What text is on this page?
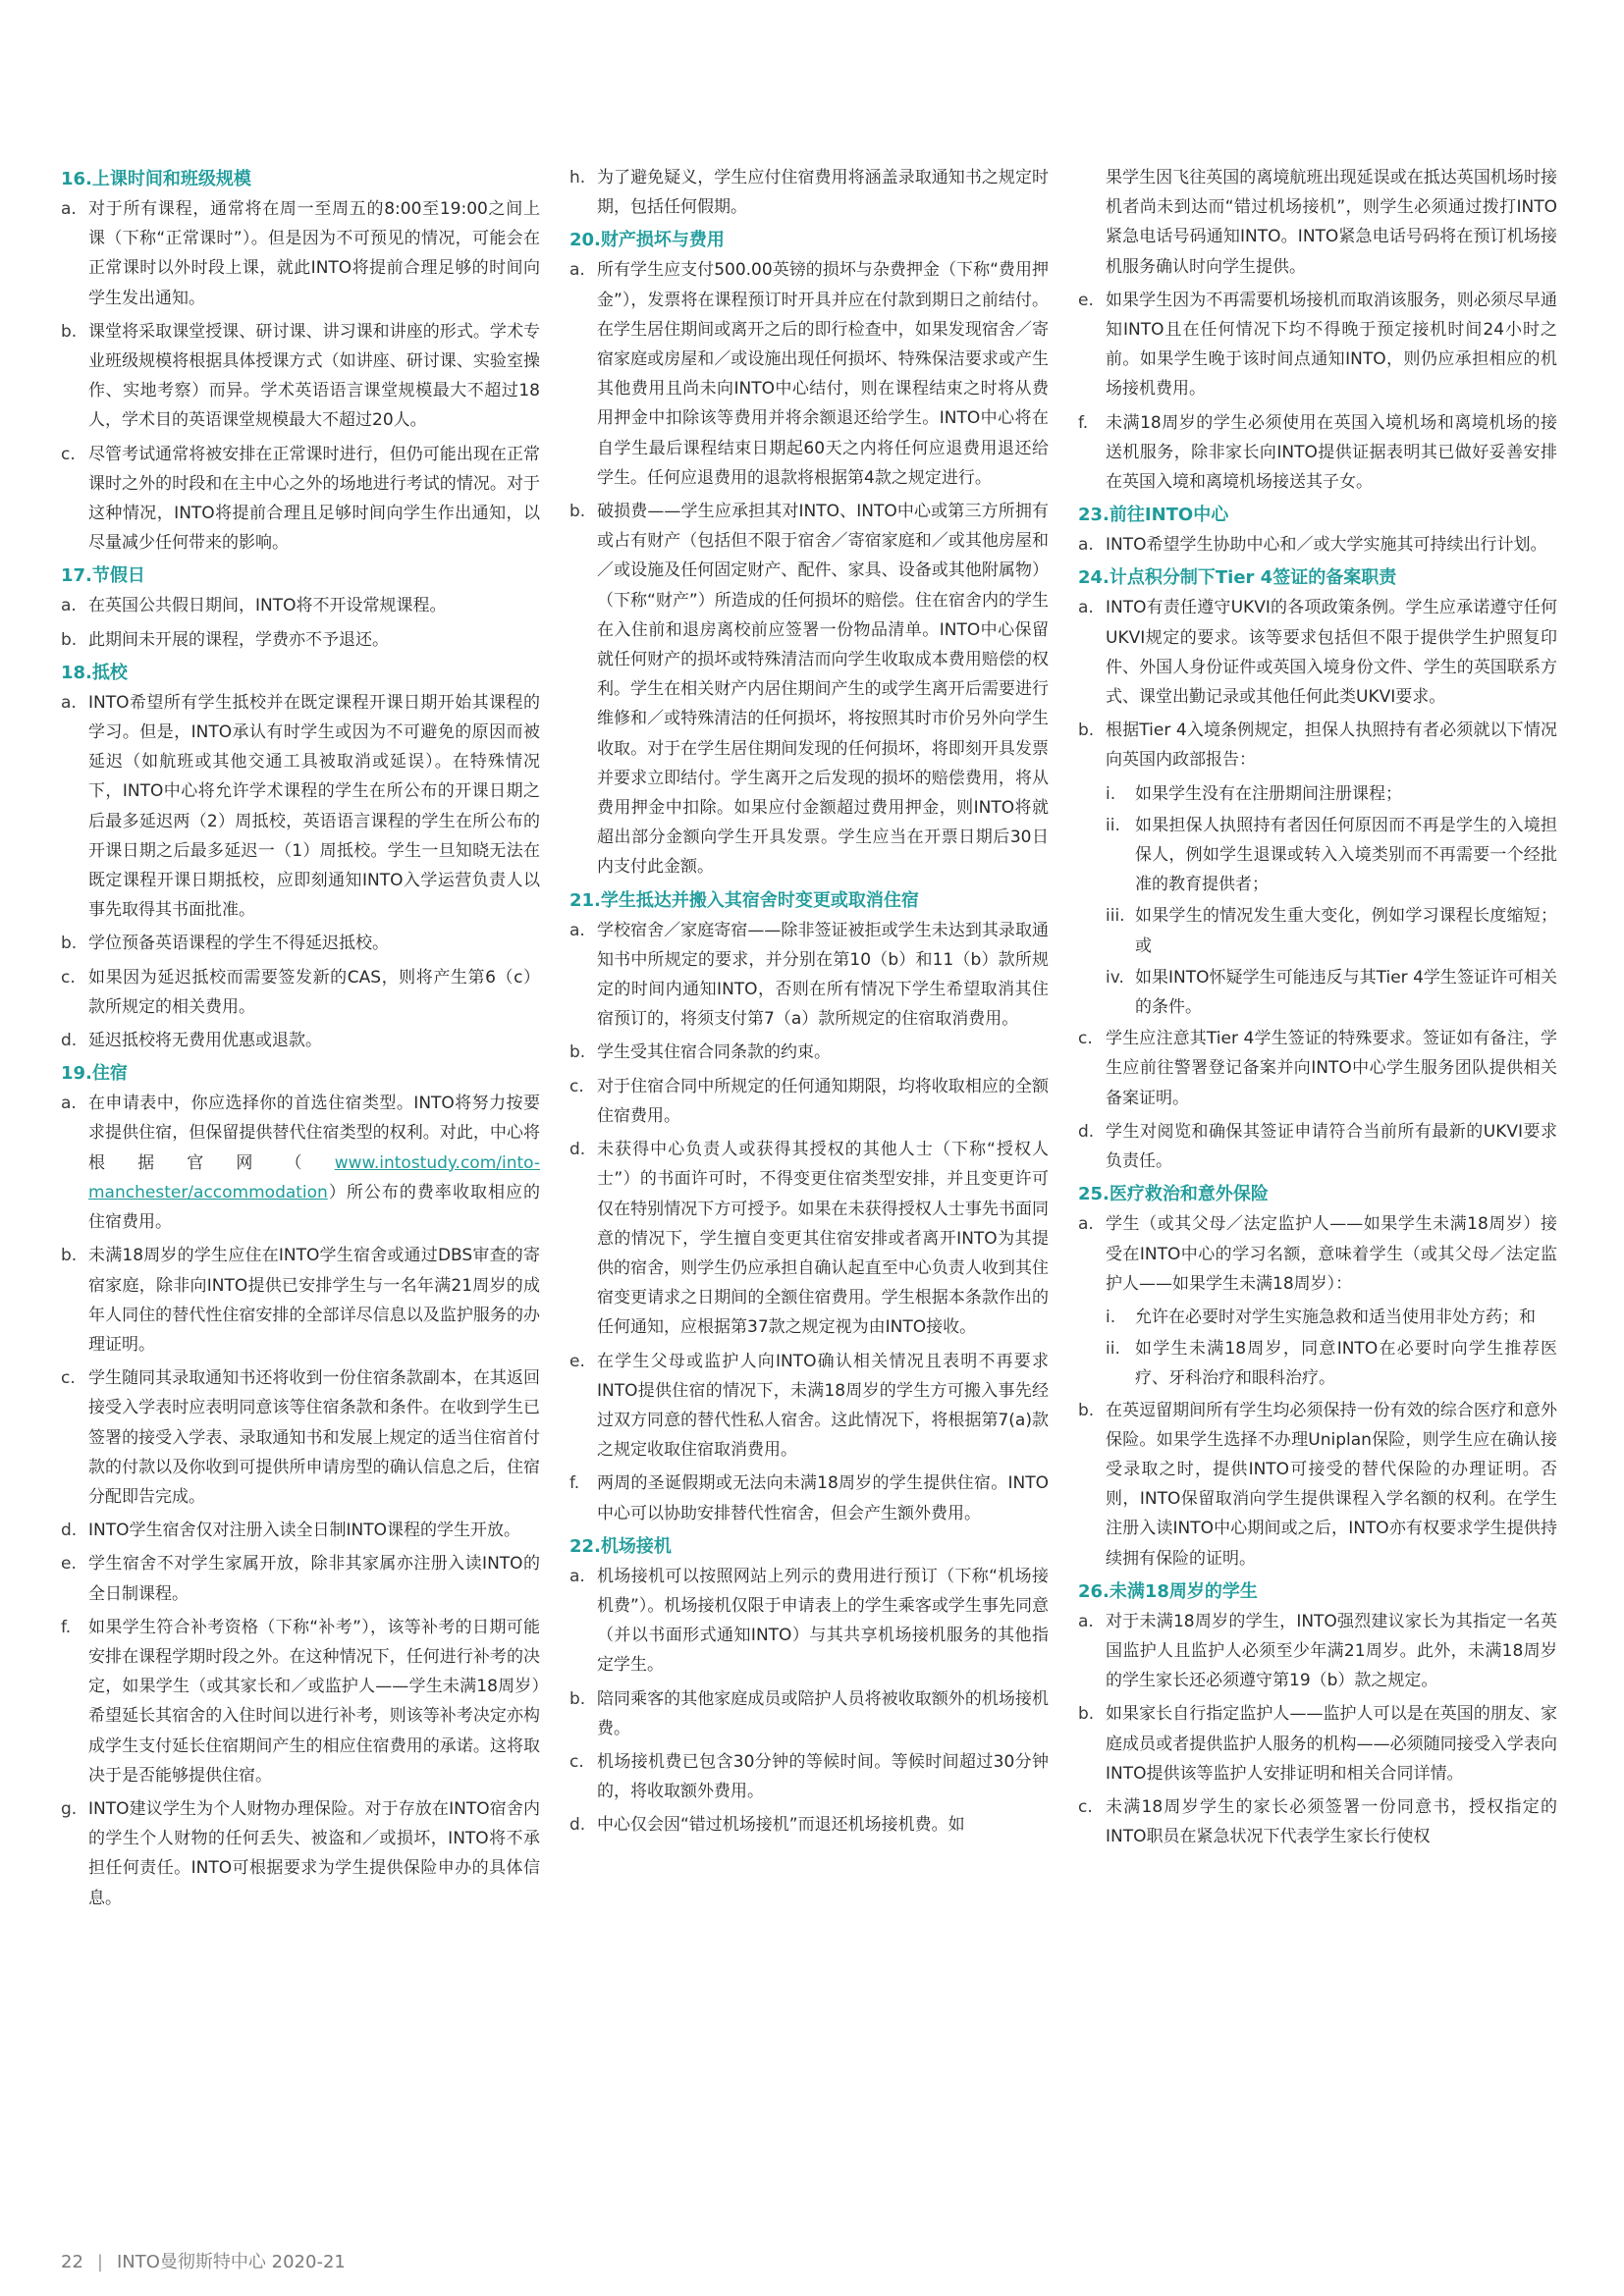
16.上课时间和班级规模
a. 对于所有课程，通常将在周一至周五的8:00至19:00之间上课（下称“正常课时”）。但是因为不可预见的情况，可能会在正常课时以外时段上课，就此INTO将提前合理足够的时间向学生发出通知。
b. 课堂将采取课堂授课、研讨课、讲习课和讲座的形式。学术专业班级规模将根据具体授课方式（如讲座、研讨课、实验室操作、实地考察）而异。学术英语语言课堂规模最大不超过18人，学术目的英语课堂规模最大不超过20人。
c. 尽管考试通常将被安排在正常课时进行，但仍可能出现在正常课时之外的时段和在主中心之外的场地进行考试的情况。对于这种情况，INTO将提前合理且足够时间向学生作出通知，以尽量减少任何带来的影响。
17.节假日
a. 在英国公共假日期间，INTO将不开设常规课程。
b. 此期间未开展的课程，学费亦不予退还。
18.抵校
a. INTO希望所有学生抵校并在既定课程开课日期开始其课程的学习。但是，INTO承认有时学生或因为不可避免的原因而被延迟（如航班或其他交通工具被取消或延误）。在特殊情况下，INTO中心将允许学术课程的学生在所公布的开课日期之后最多延迟两（2）周抵校，英语语言课程的学生在所公布的开课日期之后最多延迟一（1）周抵校。学生一旦知晓无法在既定课程开课日期抵校，应即刻通知INTO入学运营负责人以事先取得其书面批准。
b. 学位预备英语课程的学生不得延迟抵校。
c. 如果因为延迟抵校而需要签发新的CAS，则将产生第6（c）款所规定的相关费用。
d. 延迟抵校将无费用优惠或退款。
19.住宿
a. 在申请表中，你应选择你的首选住宿类型。INTO将努力按要求提供住宿，但保留提供替代住宿类型的权利。对此，中心将根据官网（www.intostudy.com/into-manchester/accommodation）所公布的费率收取相应的住宿费用。
b. 未满18周岁的学生应住在INTO学生宿舍或通过DBS审查的寄宿家庭，除非向INTO提供已安排学生与一名年满21周岁的成年人同住的替代性住宿安排的全部详尽信息以及监护服务的办理证明。
c. 学生随同其录取通知书还将收到一份住宿条款副本，在其返回接受入学表时应表明同意该等住宿条款和条件。在收到学生已签署的接受入学表、录取通知书和发展上规定的适当住宿首付款的付款以及你收到可提供所申请房型的确认信息之后，住宿分配即告完成。
d. INTO学生宿舍仅对注册入读全日制INTO课程的学生开放。
e. 学生宿舍不对学生家属开放，除非其家属亦注册入读INTO的全日制课程。
f.	如果学生符合补考资格（下称“补考”），该等补考的日期可能安排在课程学期时段之外。在这种情况下，任何进行补考的决定，如果学生（或其家长和／或监护人——学生未满18周岁）希望延长其宿舍的入住时间以进行补考，则该等补考决定亦构成学生支付延长住宿期间产生的相应住宿费用的承诺。这将取决于是否能够提供住宿。
g. INTO建议学生为个人财物办理保险。对于存放在INTO宿舍内的学生个人财物的任何丢失、被盗和／或损坏，INTO将不承担任何责任。INTO可根据要求为学生提供保险申办的具体信息。
h. 为了避免疑义，学生应付住宿费用将涵盖录取通知书之规定时期，包括任何假期。
20.财产损坏与费用
a. 所有学生应支付500.00英镑的损坏与杂费押金（下称“费用押金”），发票将在课程预订时开具并应在付款到期日之前结付。在学生居住期间或离开之后的即行检查中，如果发现宿舍／寄宿家庭或房屋和／或设施出现任何损坏、特殊保洁要求或产生其他费用且尚未向INTO中心结付，则在课程结束之时将从费用押金中扣除该等费用并将余额退还给学生。INTO中心将在自学生最后课程结束日期起60天之内将任何应退费用退还给学生。任何应退费用的退款将根据第4款之规定进行。
b. 破损费——学生应承担其对INTO、INTO中心或第三方所拥有或占有财产（包括但不限于宿舍／寄宿家庭和／或其他房屋和／或设施及任何固定财产、配件、家具、设备或其他附属物）（下称“财产”）所造成的任何损坏的赔偿。住在宿舍内的学生在入住前和退房离校前应签署一份物品清单。INTO中心保留就任何财产的损坏或特殊清洁而向学生收取成本费用赔偿的权利。学生在相关财产内居住期间产生的或学生离开后需要进行维修和／或特殊清洁的任何损坏，将按照其时市价另外向学生收取。对于在学生居住期间发现的任何损坏，将即刻开具发票并要求立即结付。学生离开之后发现的损坏的赔偿费用，将从费用押金中扣除。如果应付金额超过费用押金，则INTO将就超出部分金额向学生开具发票。学生应当在开票日期后30日内支付此金额。
21.学生抵达并搬入其宿舍时变更或取消住宿
a. 学校宿舍／家庭寄宿——除非签证被拒或学生未达到其录取通知书中所规定的要求，并分别在第10（b）和11（b）款所规定的时间内通知INTO，否则在所有情况下学生希望取消其住宿预订的，将须支付第7（a）款所规定的住宿取消费用。
b. 学生受其住宿合同条款的约束。
c. 对于住宿合同中所规定的任何通知期限，均将收取相应的全额住宿费用。
d. 未获得中心负责人或获得其授权的其他人士（下称“授权人士”）的书面许可时，不得变更住宿类型安排，并且变更许可仅在特别情况下方可授予。如果在未获得授权人士事先书面同意的情况下，学生擅自变更其住宿安排或者离开INTO为其提供的宿舍，则学生仍应承担自确认起直至中心负责人收到其住宿变更请求之日期间的全额住宿费用。学生根据本条款作出的任何通知，应根据第37款之规定视为由INTO接收。
e. 在学生父母或监护人向INTO确认相关情况且表明不再要求INTO提供住宿的情况下，未满18周岁的学生方可搬入事先经过双方同意的替代性私人宿舍。这此情况下，将根据第7(a)款之规定收取住宿取消费用。
f.	两周的圣诞假期或无法向未满18周岁的学生提供住宿。INTO中心可以协助安排替代性宿舍，但会产生额外费用。
22.机场接机
a. 机场接机可以按照网站上列示的费用进行预订（下称“机场接机费”）。机场接机仅限于申请表上的学生乘客或学生事先同意（并以书面形式通知INTO）与其共享机场接机服务的其他指定学生。
b. 陪同乘客的其他家庭成员或陪护人员将被收取额外的机场接机费。
c. 机场接机费已包含30分钟的等候时间。等候时间超过30分钟的，将收取额外费用。
d. 中心仅会因“错过机场接机”而退还机场接机费。如
果学生因飞往英国的离境航班出现延误或在抵达英国机场时接机者尚未到达而“错过机场接机”，则学生必须通过拨打INTO紧急电话号码通知INTO。INTO紧急电话号码将在预订机场接机服务确认时向学生提供。
e. 如果学生因为不再需要机场接机而取消该服务，则必须尽早通知INTO且在任何情况下均不得晚于预定接机时间24小时之前。如果学生晚于该时间点通知INTO，则仍应承担相应的机场接机费用。
f.	未满18周岁的学生必须使用在英国入境机场和离境机场的接送机服务，除非家长向INTO提供证据表明其已做好妥善安排在英国入境和离境机场接送其子女。
23.前往INTO中心
a. INTO希望学生协助中心和／或大学实施其可持续出行计划。
24.计点积分制下Tier 4签证的备案职责
a. INTO有责任遵守UKVI的各项政策条例。学生应承诺遵守任何UKVI规定的要求。该等要求包括但不限于提供学生护照复印件、外国人身份证件或英国入境身份文件、学生的英国联系方式、课堂出勤记录或其他任何此类UKVI要求。
b. 根据Tier 4入境条例规定，担保人执照持有者必须就以下情况向英国内政部报告：
i.	如果学生没有在注册期间注册课程；
ii. 如果担保人执照持有者因任何原因而不再是学生的入境担保人，例如学生退课或转入入境类别而不再需要一个经批准的教育提供者；
iii. 如果学生的情况发生重大变化，例如学习课程长度缩短；或
iv. 如果INTO怀疑学生可能违反与其Tier 4学生签证许可相关的条件。
c. 学生应注意其Tier 4学生签证的特殊要求。签证如有备注，学生应前往警署登记备案并向INTO中心学生服务团队提供相关备案证明。
d. 学生对阅览和确保其签证申请符合当前所有最新的UKVI要求负责任。
25.医疗救治和意外保险
a. 学生（或其父母／法定监护人——如果学生未满18周岁）接受在INTO中心的学习名额，意味着学生（或其父母／法定监护人——如果学生未满18周岁）：
i.	允许在必要时对学生实施急救和适当使用非处方药；和
ii. 如学生未满18周岁，同意INTO在必要时向学生推荐医疗、牙科治疗和眼科治疗。
b. 在英逗留期间所有学生均必须保持一份有效的综合医疗和意外保险。如果学生选择不办理Uniplan保险，则学生应在确认接受录取之时，提供INTO可接受的替代保险的办理证明。否则，INTO保留取消向学生提供课程入学名额的权利。在学生注册入读INTO中心期间或之后，INTO亦有权要求学生提供持续拥有保险的证明。
26.未满18周岁的学生
a. 对于未满18周岁的学生，INTO强烈建议家长为其指定一名英国监护人且监护人必须至少年满21周岁。此外，未满18周岁的学生家长还必须遵守第19（b）款之规定。
b. 如果家长自行指定监护人——监护人可以是在英国的朋友、家庭成员或者提供监护人服务的机构——必须随同接受入学表向INTO提供该等监护人安排证明和相关合同详情。
c. 未满18周岁学生的家长必须签署一份同意书，授权指定的INTO职员在紧急状况下代表学生家长行使权
22 | INTO曼彻斯特中心 2020-21
